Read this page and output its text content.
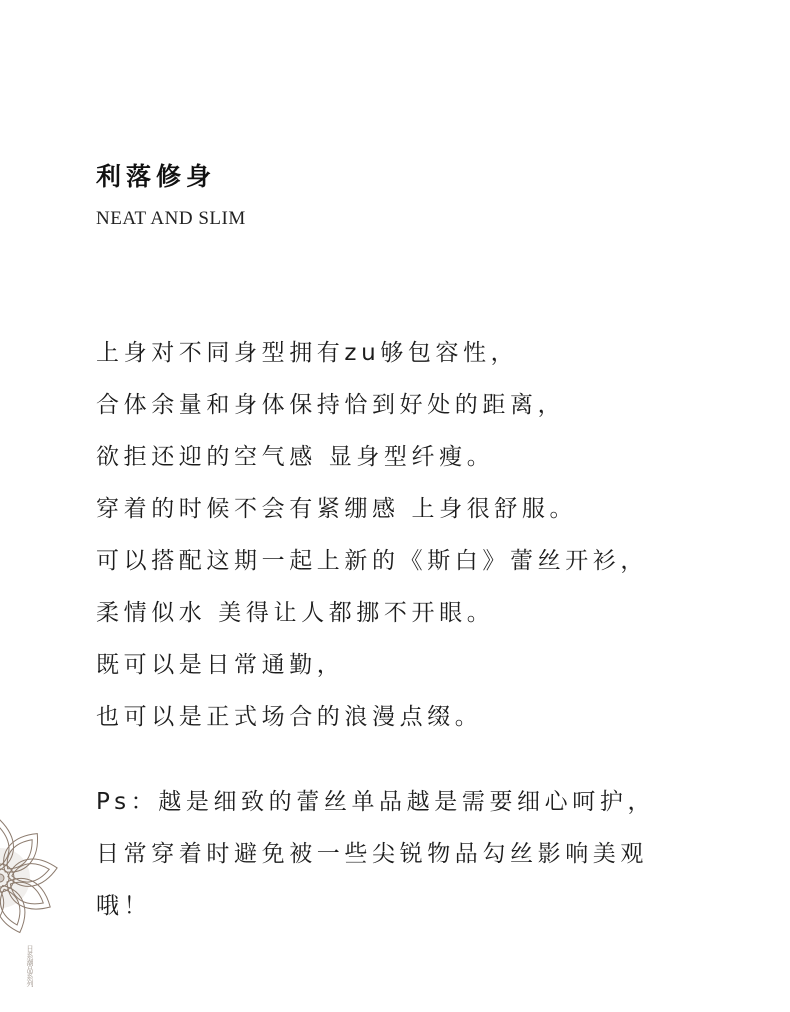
利落修身

NEAT AND SLIM

上身对不同身型拥有zu够包容性，
合体余量和身体保持恰到好处的距离，
欲拒还迎的空气感 显身型纤瘦。
穿着的时候不会有紧绷感 上身很舒服。
可以搭配这期一起上新的《斯白》蕾丝开衫，
柔情似水 美得让人都挪不开眼。
既可以是日常通勤，
也可以是正式场合的浪漫点缀。
Ps：越是细致的蕾丝单品越是需要细心呵护，
日常穿着时避免被一些尖锐物品勾丝影响美观
哦！
日系潮品系列
